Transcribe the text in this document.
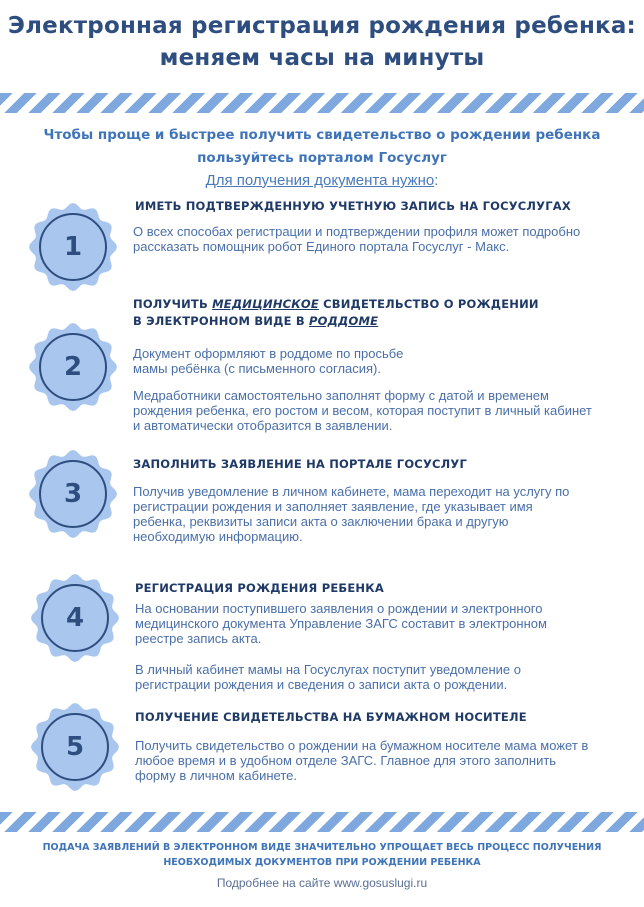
Электронная регистрация рождения ребенка:
меняем часы на минуты
Чтобы проще и быстрее получить свидетельство о рождении ребенка
пользуйтесь порталом Госуслуг
Для получения документа нужно:
1
ИМЕТЬ ПОДТВЕРЖДЕННУЮ УЧЕТНУЮ ЗАПИСЬ НА ГОСУСЛУГАХ

О всех способах регистрации и подтверждении профиля может подробно рассказать помощник робот Единого портала Госуслуг - Макс.

2
ПОЛУЧИТЬ МЕДИЦИНСКОЕ СВИДЕТЕЛЬСТВО О РОЖДЕНИИ
В ЭЛЕКТРОННОМ ВИДЕ В РОДДОМЕ

Документ оформляют в роддоме по просьбе мамы ребёнка (с письменного согласия).

Медработники самостоятельно заполнят форму с датой и временем рождения ребенка, его ростом и весом, которая поступит в личный кабинет и автоматически отобразится в заявлении.

3
ЗАПОЛНИТЬ ЗАЯВЛЕНИЕ НА ПОРТАЛЕ ГОСУСЛУГ

Получив уведомление в личном кабинете, мама переходит на услугу по регистрации рождения и заполняет заявление, где указывает имя ребенка, реквизиты записи акта о заключении брака и другую необходимую информацию.

4
РЕГИСТРАЦИЯ РОЖДЕНИЯ РЕБЕНКА

На основании поступившего заявления о рождении и электронного медицинского документа Управление ЗАГС составит в электронном реестре запись акта.

В личный кабинет мамы на Госуслугах поступит уведомление о регистрации рождения и сведения о записи акта о рождении.

5
ПОЛУЧЕНИЕ СВИДЕТЕЛЬСТВА НА БУМАЖНОМ НОСИТЕЛЕ

Получить свидетельство о рождении на бумажном носителе мама может в любое время и в удобном отделе ЗАГС. Главное для этого заполнить форму в личном кабинете.

ПОДАЧА ЗАЯВЛЕНИЙ В ЭЛЕКТРОННОМ ВИДЕ ЗНАЧИТЕЛЬНО УПРОЩАЕТ ВЕСЬ ПРОЦЕСС ПОЛУЧЕНИЯ
НЕОБХОДИМЫХ ДОКУМЕНТОВ ПРИ РОЖДЕНИИ РЕБЕНКА
Подробнее на сайте www.gosuslugi.ru
